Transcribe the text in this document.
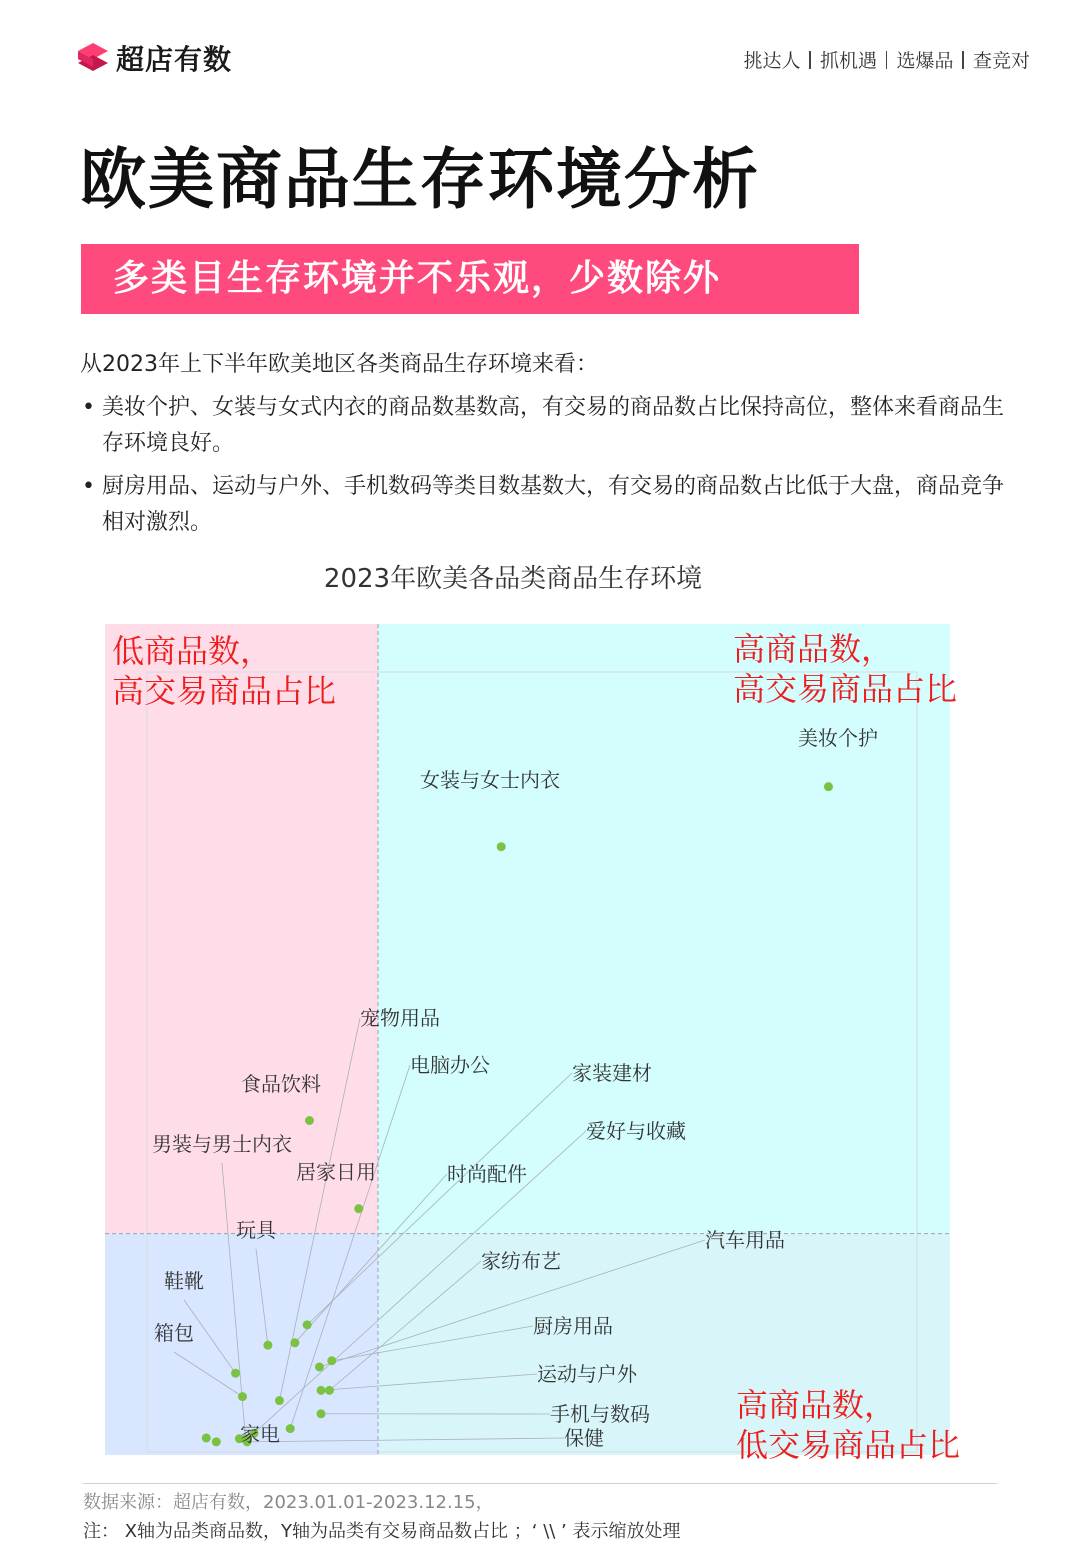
超店有数	挑达人 抓机遇 选爆品 查竞对
欧美商品生存环境分析
多类目生存环境并不乐观，少数除外
从2023年上下半年欧美地区各类商品生存环境来看：
• 美妆个护、女装与女式内衣的商品数基数高，有交易的商品数占比保持高位，整体来看商品生存环境良好。
• 厨房用品、运动与户外、手机数码等类目数基数大，有交易的商品数占比低于大盘，商品竞争相对激烈。
2023年欧美各品类商品生存环境
低商品数，
高交易商品占比
高商品数，
高交易商品占比
高商品数，
低交易商品占比
美妆个护
女装与女士内衣
食品饮料
居家日用
宠物用品
电脑办公	家装建材
爱好与收藏
时尚配件
男装与男士内衣
玩具
鞋靴
箱包
家纺布艺
汽车用品
厨房用品
运动与户外
手机与数码
保健
家电
数据来源：超店有数，2023.01.01-2023.12.15，
注： X轴为品类商品数，Y轴为品类有交易商品数占比 ；‘ \\ ’ 表示缩放处理
